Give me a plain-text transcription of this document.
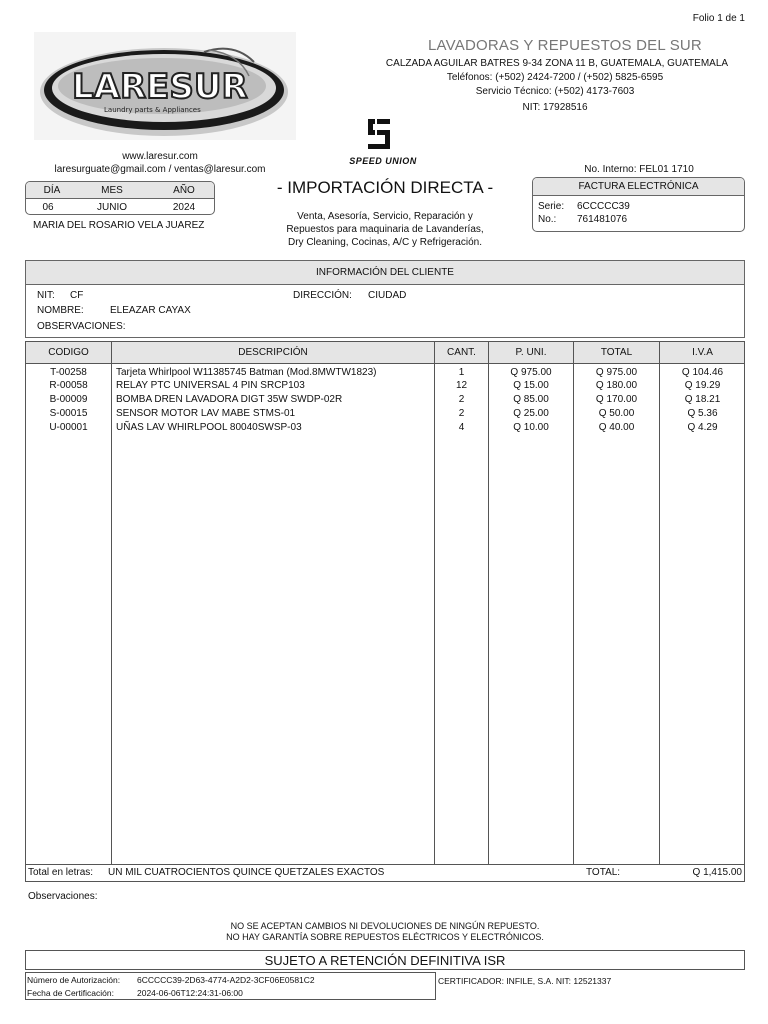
Folio 1 de 1
LARESUR
Laundry parts & Appliances
LAVADORAS Y REPUESTOS DEL SUR
CALZADA AGUILAR BATRES 9-34 ZONA 11 B, GUATEMALA, GUATEMALA
Teléfonos: (+502) 2424-7200 / (+502) 5825-6595
Servicio Técnico: (+502) 4173-7603
NIT: 17928516
SPEED UNION
www.laresur.com
laresurguate@gmail.com / ventas@laresur.com
DÍA	MES	AÑO
06	JUNIO	2024
MARIA DEL ROSARIO VELA JUAREZ
- IMPORTACIÓN DIRECTA -
Venta, Asesoría, Servicio, Reparación y
Repuestos para maquinaria de Lavanderías,
Dry Cleaning, Cocinas, A/C y Refrigeración.
No. Interno: FEL01 1710
FACTURA ELECTRÓNICA
Serie: 6CCCCC39
No.: 761481076
INFORMACIÓN DEL CLIENTE
NIT: CF
NOMBRE:	ELEAZAR CAYAX
OBSERVACIONES:
DIRECCIÓN: CIUDAD
CODIGO	DESCRIPCIÓN	CANT.	P. UNI.	TOTAL	I.V.A
T-00258	Tarjeta Whirlpool W11385745 Batman (Mod.8MWTW1823)	1	Q 975.00	Q 975.00	Q 104.46
R-00058	RELAY PTC UNIVERSAL 4 PIN SRCP103	12	Q 15.00	Q 180.00	Q 19.29
B-00009	BOMBA DREN LAVADORA DIGT 35W SWDP-02R	2	Q 85.00	Q 170.00	Q 18.21
S-00015	SENSOR MOTOR LAV MABE STMS-01	2	Q 25.00	Q 50.00	Q 5.36
U-00001	UÑAS LAV WHIRLPOOL 80040SWSP-03	4	Q 10.00	Q 40.00	Q 4.29
Total en letras: UN MIL CUATROCIENTOS QUINCE QUETZALES EXACTOS	TOTAL:	Q 1,415.00
Observaciones:
NO SE ACEPTAN CAMBIOS NI DEVOLUCIONES DE NINGÚN REPUESTO.
NO HAY GARANTÍA SOBRE REPUESTOS ELÉCTRICOS Y ELECTRÓNICOS.
SUJETO A RETENCIÓN DEFINITIVA ISR
Número de Autorización: 6CCCCC39-2D63-4774-A2D2-3CF06E0581C2
Fecha de Certificación:	2024-06-06T12:24:31-06:00
CERTIFICADOR: INFILE, S.A. NIT: 12521337
